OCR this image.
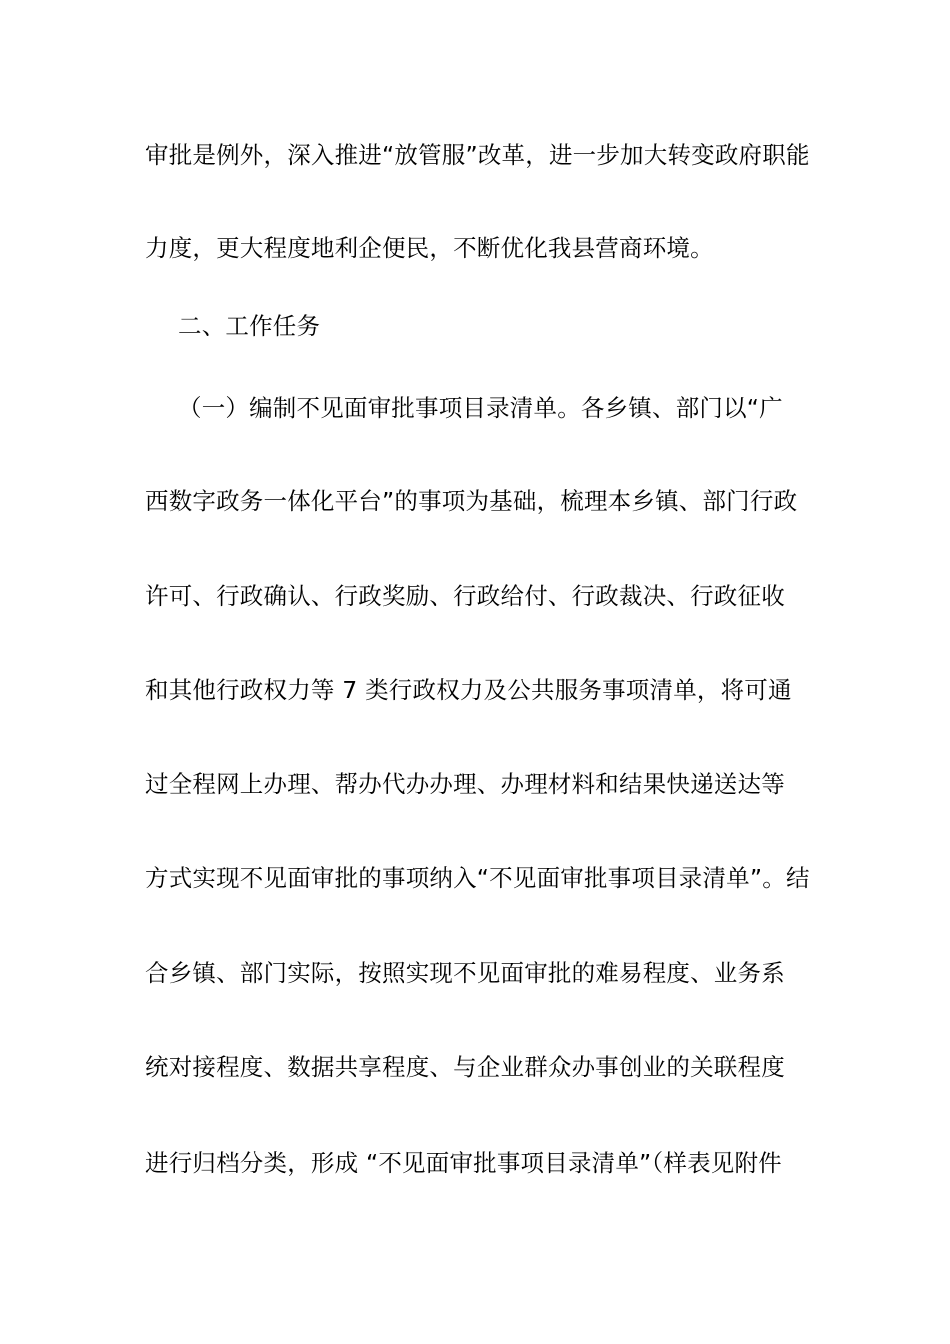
审批是例外，深入推进“放管服”改革，进一步加大转变政府职能
力度，更大程度地利企便民，不断优化我县营商环境。
二、工作任务
（一）编制不见面审批事项目录清单。各乡镇、部门以“广
西数字政务一体化平台”的事项为基础，梳理本乡镇、部门行政
许可、行政确认、行政奖励、行政给付、行政裁决、行政征收
和其他行政权力等 7 类行政权力及公共服务事项清单，将可通
过全程网上办理、帮办代办办理、办理材料和结果快递送达等
方式实现不见面审批的事项纳入“不见面审批事项目录清单”。结
合乡镇、部门实际，按照实现不见面审批的难易程度、业务系
统对接程度、数据共享程度、与企业群众办事创业的关联程度
进行归档分类，形成 “不见面审批事项目录清单”（样表见附件
